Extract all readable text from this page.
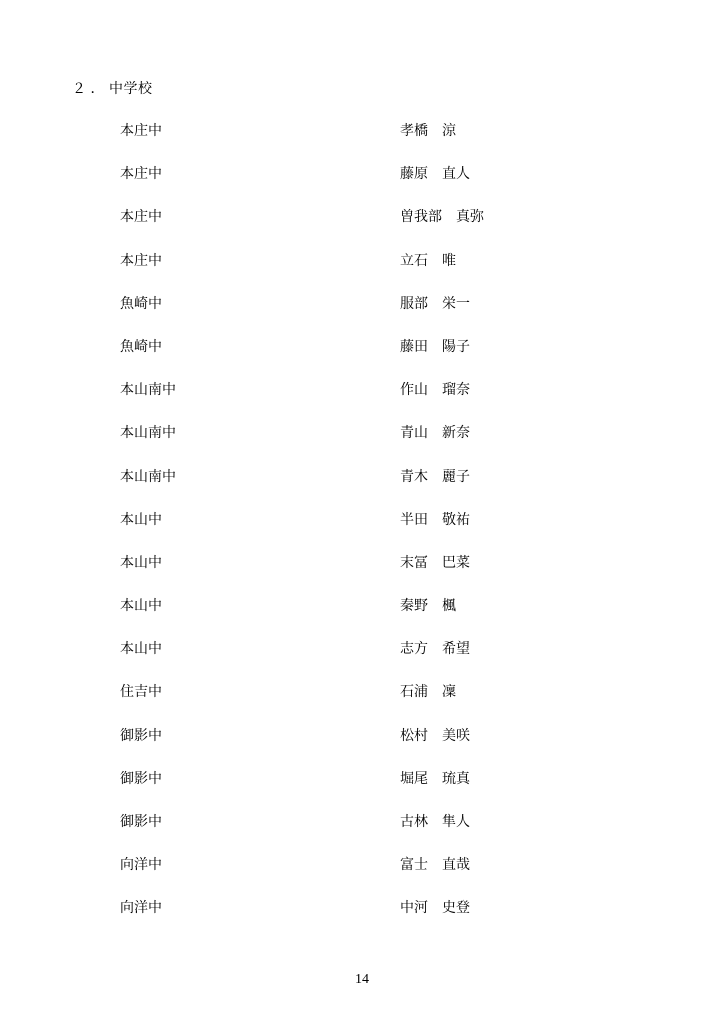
２ ． 中学校
本庄中	孝橋　涼
本庄中	藤原　直人
本庄中	曽我部　真弥
本庄中	立石　唯
魚崎中	服部　栄一
魚崎中	藤田　陽子
本山南中	作山　瑠奈
本山南中	青山　新奈
本山南中	青木　麗子
本山中	半田　敬祐
本山中	末冨　巴菜
本山中	秦野　楓
本山中	志方　希望
住吉中	石浦　凜
御影中	松村　美咲
御影中	堀尾　琉真
御影中	古林　隼人
向洋中	富士　直哉
向洋中	中河　史登
14
